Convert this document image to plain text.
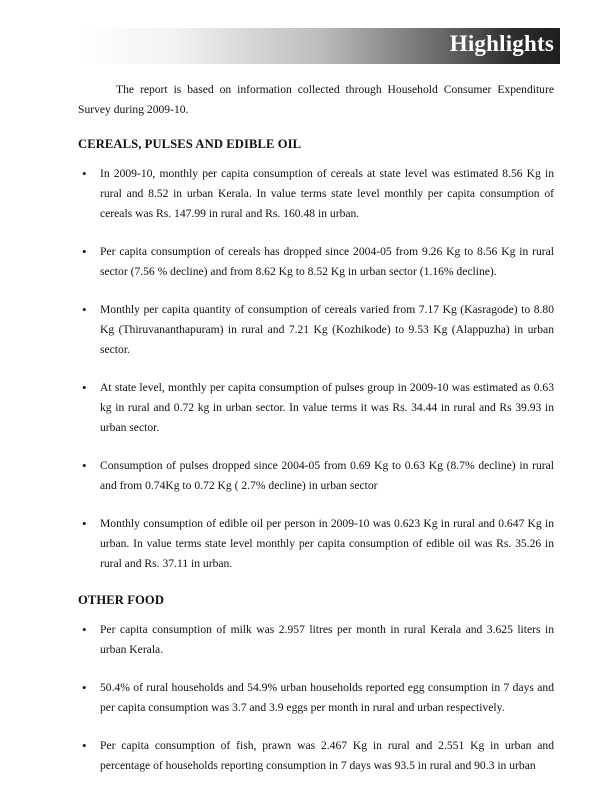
Highlights

The report is based on information collected through Household Consumer Expenditure Survey during 2009-10.

CEREALS, PULSES AND EDIBLE OIL
• In 2009-10, monthly per capita consumption of cereals at state level was estimated 8.56 Kg in rural and 8.52 in urban Kerala. In value terms state level monthly per capita consumption of cereals was Rs. 147.99 in rural and Rs. 160.48 in urban.
• Per capita consumption of cereals has dropped since 2004-05 from 9.26 Kg to 8.56 Kg in rural sector (7.56 % decline) and from 8.62 Kg to 8.52 Kg in urban sector (1.16% decline).
• Monthly per capita quantity of consumption of cereals varied from 7.17 Kg (Kasragode) to 8.80 Kg (Thiruvananthapuram) in rural and 7.21 Kg (Kozhikode) to 9.53 Kg (Alappuzha) in urban sector.
• At state level, monthly per capita consumption of pulses group in 2009-10 was estimated as 0.63 kg in rural and 0.72 kg in urban sector. In value terms it was Rs. 34.44 in rural and Rs 39.93 in urban sector.
• Consumption of pulses dropped since 2004-05 from 0.69 Kg to 0.63 Kg (8.7% decline) in rural and from 0.74Kg to 0.72 Kg ( 2.7% decline) in urban sector
• Monthly consumption of edible oil per person in 2009-10 was 0.623 Kg in rural and 0.647 Kg in urban. In value terms state level monthly per capita consumption of edible oil was Rs. 35.26 in rural and Rs. 37.11 in urban.
OTHER FOOD
• Per capita consumption of milk was 2.957 litres per month in rural Kerala and 3.625 liters in urban Kerala.
• 50.4% of rural households and 54.9% urban households reported egg consumption in 7 days and per capita consumption was 3.7 and 3.9 eggs per month in rural and urban respectively.
• Per capita consumption of fish, prawn was 2.467 Kg in rural and 2.551 Kg in urban and percentage of households reporting consumption in 7 days was 93.5 in rural and 90.3 in urban
